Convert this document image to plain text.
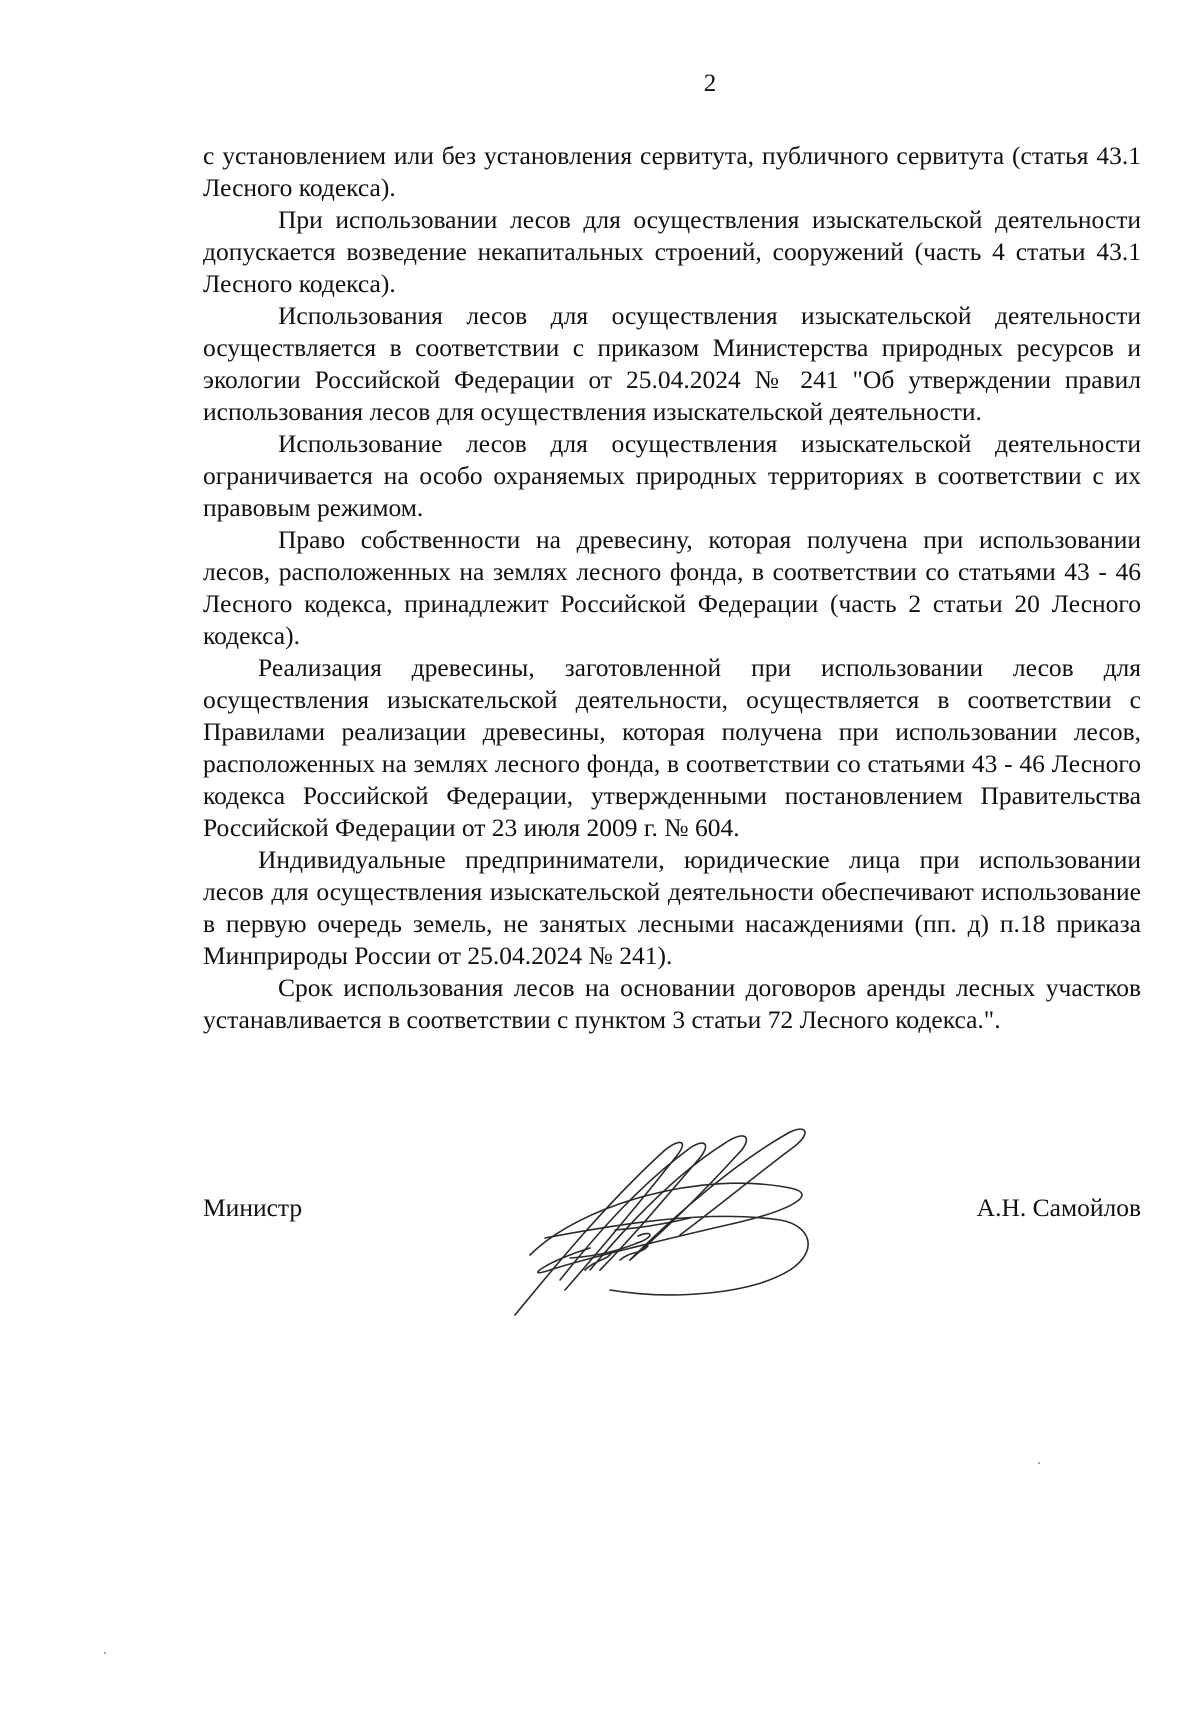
2

с установлением или без установления сервитута, публичного сервитута (статья 43.1 Лесного кодекса).

При использовании лесов для осуществления изыскательской деятельности допускается возведение некапитальных строений, сооружений (часть 4 статьи 43.1 Лесного кодекса).

Использования лесов для осуществления изыскательской деятельности осуществляется в соответствии с приказом Министерства природных ресурсов и экологии Российской Федерации от 25.04.2024 № 241 "Об утверждении правил использования лесов для осуществления изыскательской деятельности.

Использование лесов для осуществления изыскательской деятельности ограничивается на особо охраняемых природных территориях в соответствии с их правовым режимом.

Право собственности на древесину, которая получена при использовании лесов, расположенных на землях лесного фонда, в соответствии со статьями 43 - 46 Лесного кодекса, принадлежит Российской Федерации (часть 2 статьи 20 Лесного кодекса).

Реализация древесины, заготовленной при использовании лесов для осуществления изыскательской деятельности, осуществляется в соответствии с Правилами реализации древесины, которая получена при использовании лесов, расположенных на землях лесного фонда, в соответствии со статьями 43 - 46 Лесного кодекса Российской Федерации, утвержденными постановлением Правительства Российской Федерации от 23 июля 2009 г. № 604.

Индивидуальные предприниматели, юридические лица при использовании лесов для осуществления изыскательской деятельности обеспечивают использование в первую очередь земель, не занятых лесными насаждениями (пп. д) п.18 приказа Минприроды России от 25.04.2024 № 241).

Срок использования лесов на основании договоров аренды лесных участков устанавливается в соответствии с пунктом 3 статьи 72 Лесного кодекса.".

Министр	А.Н. Самойлов
